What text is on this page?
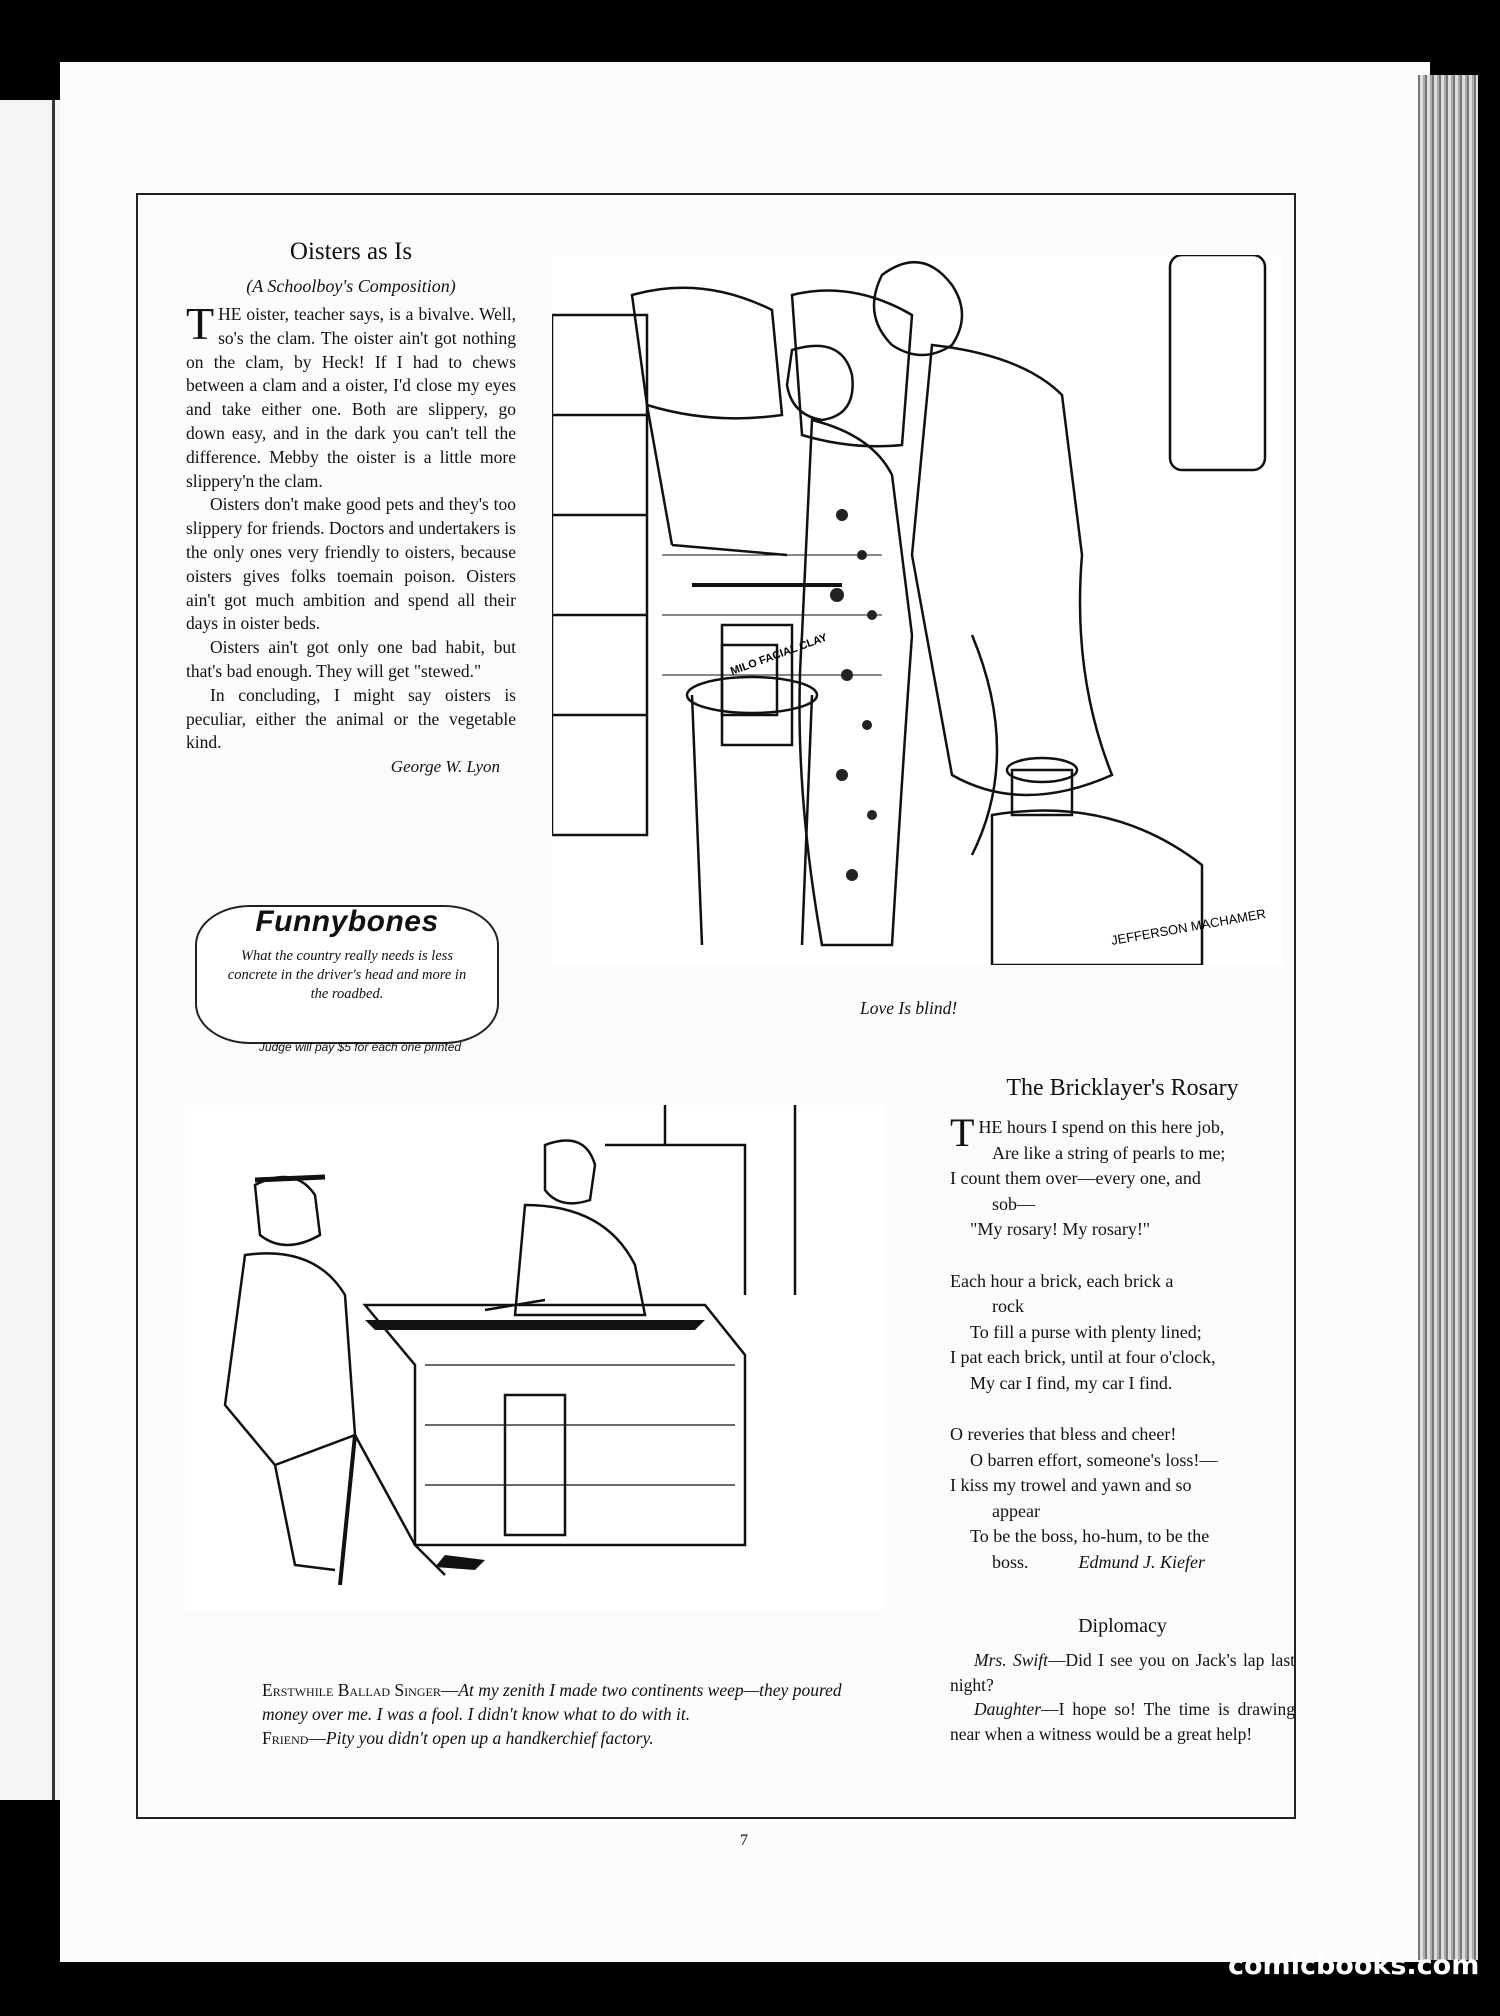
Oisters as Is
(A Schoolboy's Composition)

THE oister, teacher says, is a bivalve. Well, so's the clam. The oister ain't got nothing on the clam, by Heck! If I had to chews between a clam and a oister, I'd close my eyes and take either one. Both are slippery, go down easy, and in the dark you can't tell the difference. Mebby the oister is a little more slippery'n the clam.

Oisters don't make good pets and they's too slippery for friends. Doctors and undertakers is the only ones very friendly to oisters, because oisters gives folks toemain poison. Oisters ain't got much ambition and spend all their days in oister beds.

Oisters ain't got only one bad habit, but that's bad enough. They will get "stewed."

In concluding, I might say oisters is peculiar, either the animal or the vegetable kind.

George W. Lyon
Funnybones
What the country really needs is less concrete in the driver's head and more in the roadbed.
Judge will pay $5 for each one printed
MILO FACIAL CLAY
JEFFERSON MACHAMER
Love Is blind!
Erstwhile Ballad Singer—At my zenith I made two continents weep—they poured money over me. I was a fool. I didn't know what to do with it.
Friend—Pity you didn't open up a handkerchief factory.
The Bricklayer's Rosary
THE hours I spend on this here job,
Are like a string of pearls to me;
I count them over—every one, and
sob—
"My rosary! My rosary!"
Each hour a brick, each brick a
rock
To fill a purse with plenty lined;
I pat each brick, until at four o'clock,
My car I find, my car I find.
O reveries that bless and cheer!
O barren effort, someone's loss!—
I kiss my trowel and yawn and so
appear
To be the boss, ho-hum, to be the
boss.	Edmund J. Kiefer
Diplomacy

Mrs. Swift—Did I see you on Jack's lap last night?

Daughter—I hope so! The time is drawing near when a witness would be a great help!

7
comicbooks.com
